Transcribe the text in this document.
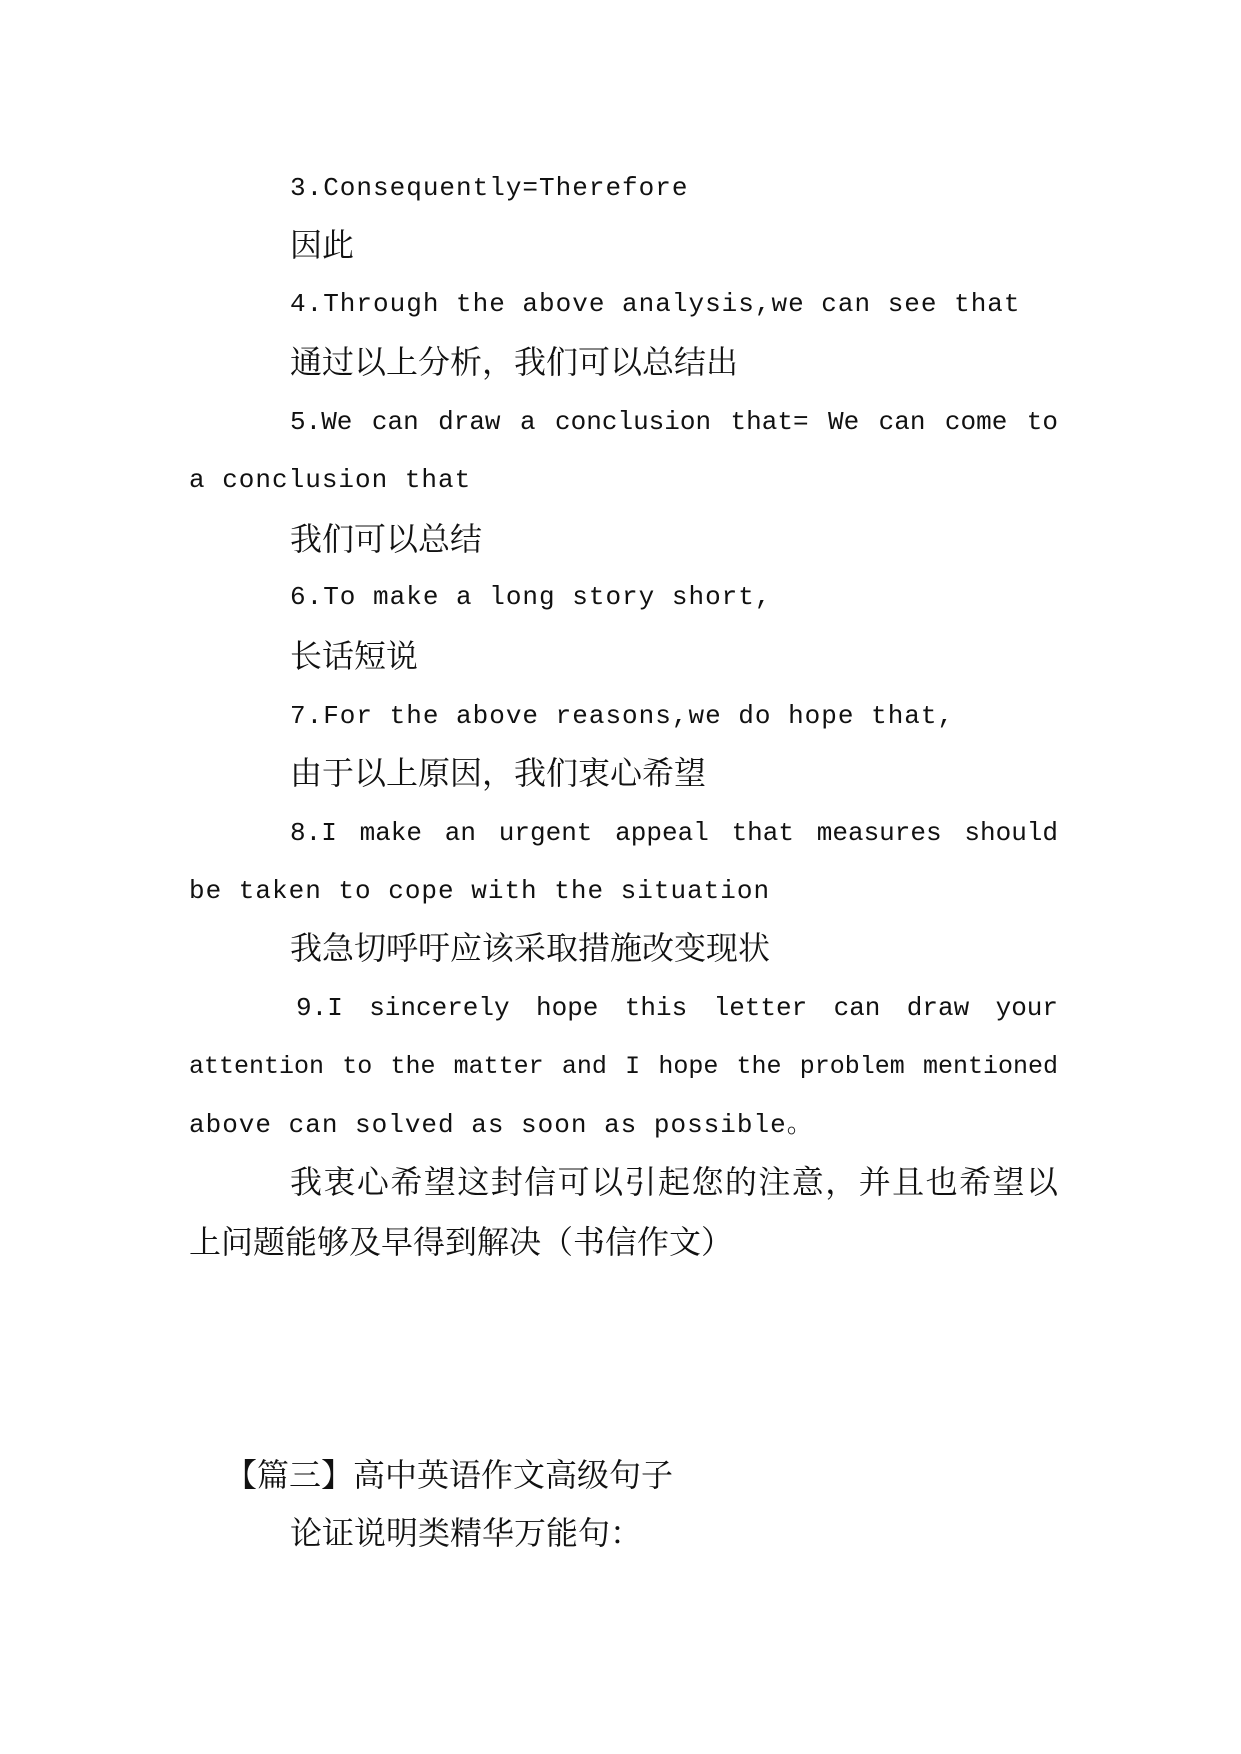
3.Consequently=Therefore
因此
4.Through the above analysis,we can see that
通过以上分析，我们可以总结出
5.We can draw a conclusion that= We can come to
a conclusion that
我们可以总结
6.To make a long story short,
长话短说
7.For the above reasons,we do hope that,
由于以上原因，我们衷心希望
8.I make an urgent appeal that measures should
be taken to cope with the situation
我急切呼吁应该采取措施改变现状
9.I sincerely hope this letter can draw your
attention to the matter and I hope the problem mentioned
above can solved as soon as possible。
我衷心希望这封信可以引起您的注意，并且也希望以
上问题能够及早得到解决（书信作文）
【篇三】高中英语作文高级句子
论证说明类精华万能句：
